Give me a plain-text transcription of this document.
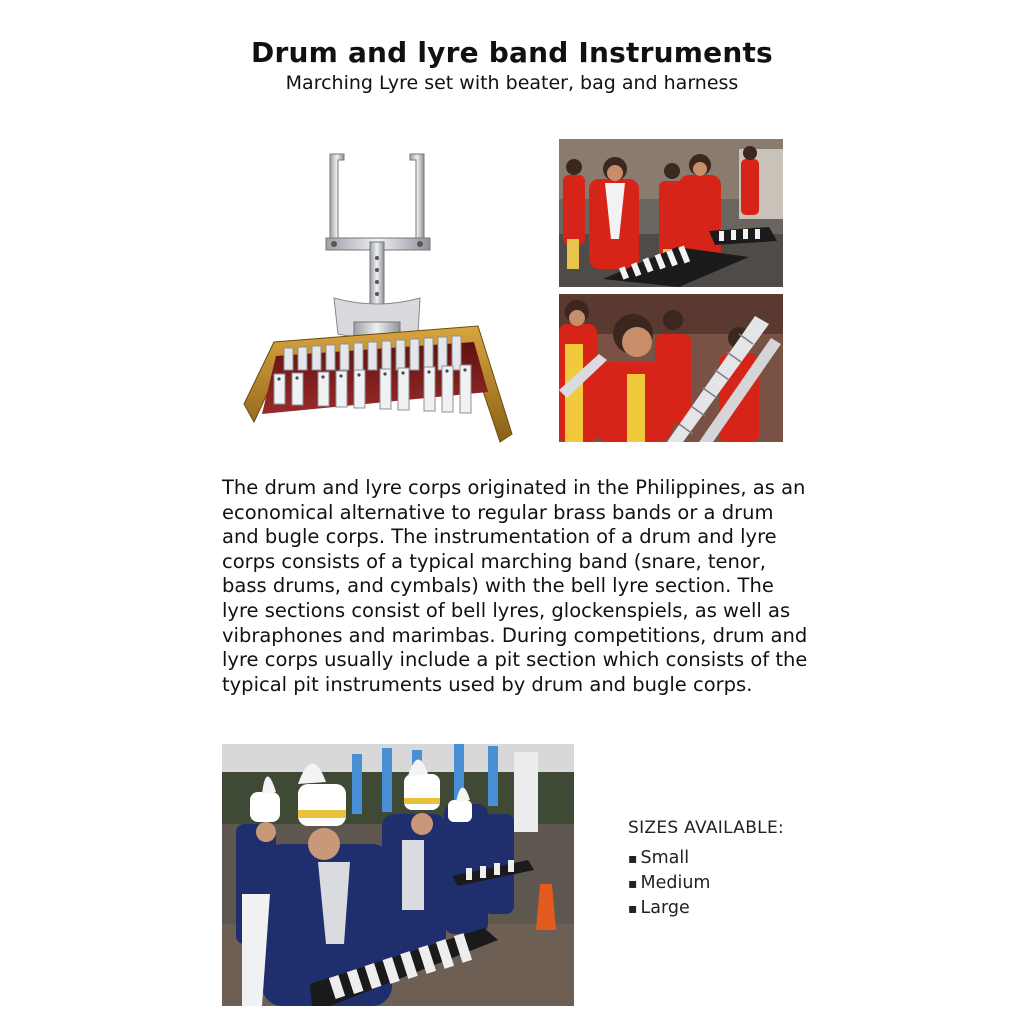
Drum and lyre band Instruments
Marching Lyre set with beater, bag and harness
The drum and lyre corps originated in the Philippines, as an economical alternative to regular brass bands or a drum and bugle corps. The instrumentation of a drum and lyre corps consists of a typical marching band (snare, tenor, bass drums, and cymbals) with the bell lyre section. The lyre sections consist of bell lyres, glockenspiels, as well as vibraphones and marimbas. During competitions, drum and lyre corps usually include a pit section which consists of the typical pit instruments used by drum and bugle corps.
SIZES AVAILABLE:
▪ Small
▪ Medium
▪ Large
